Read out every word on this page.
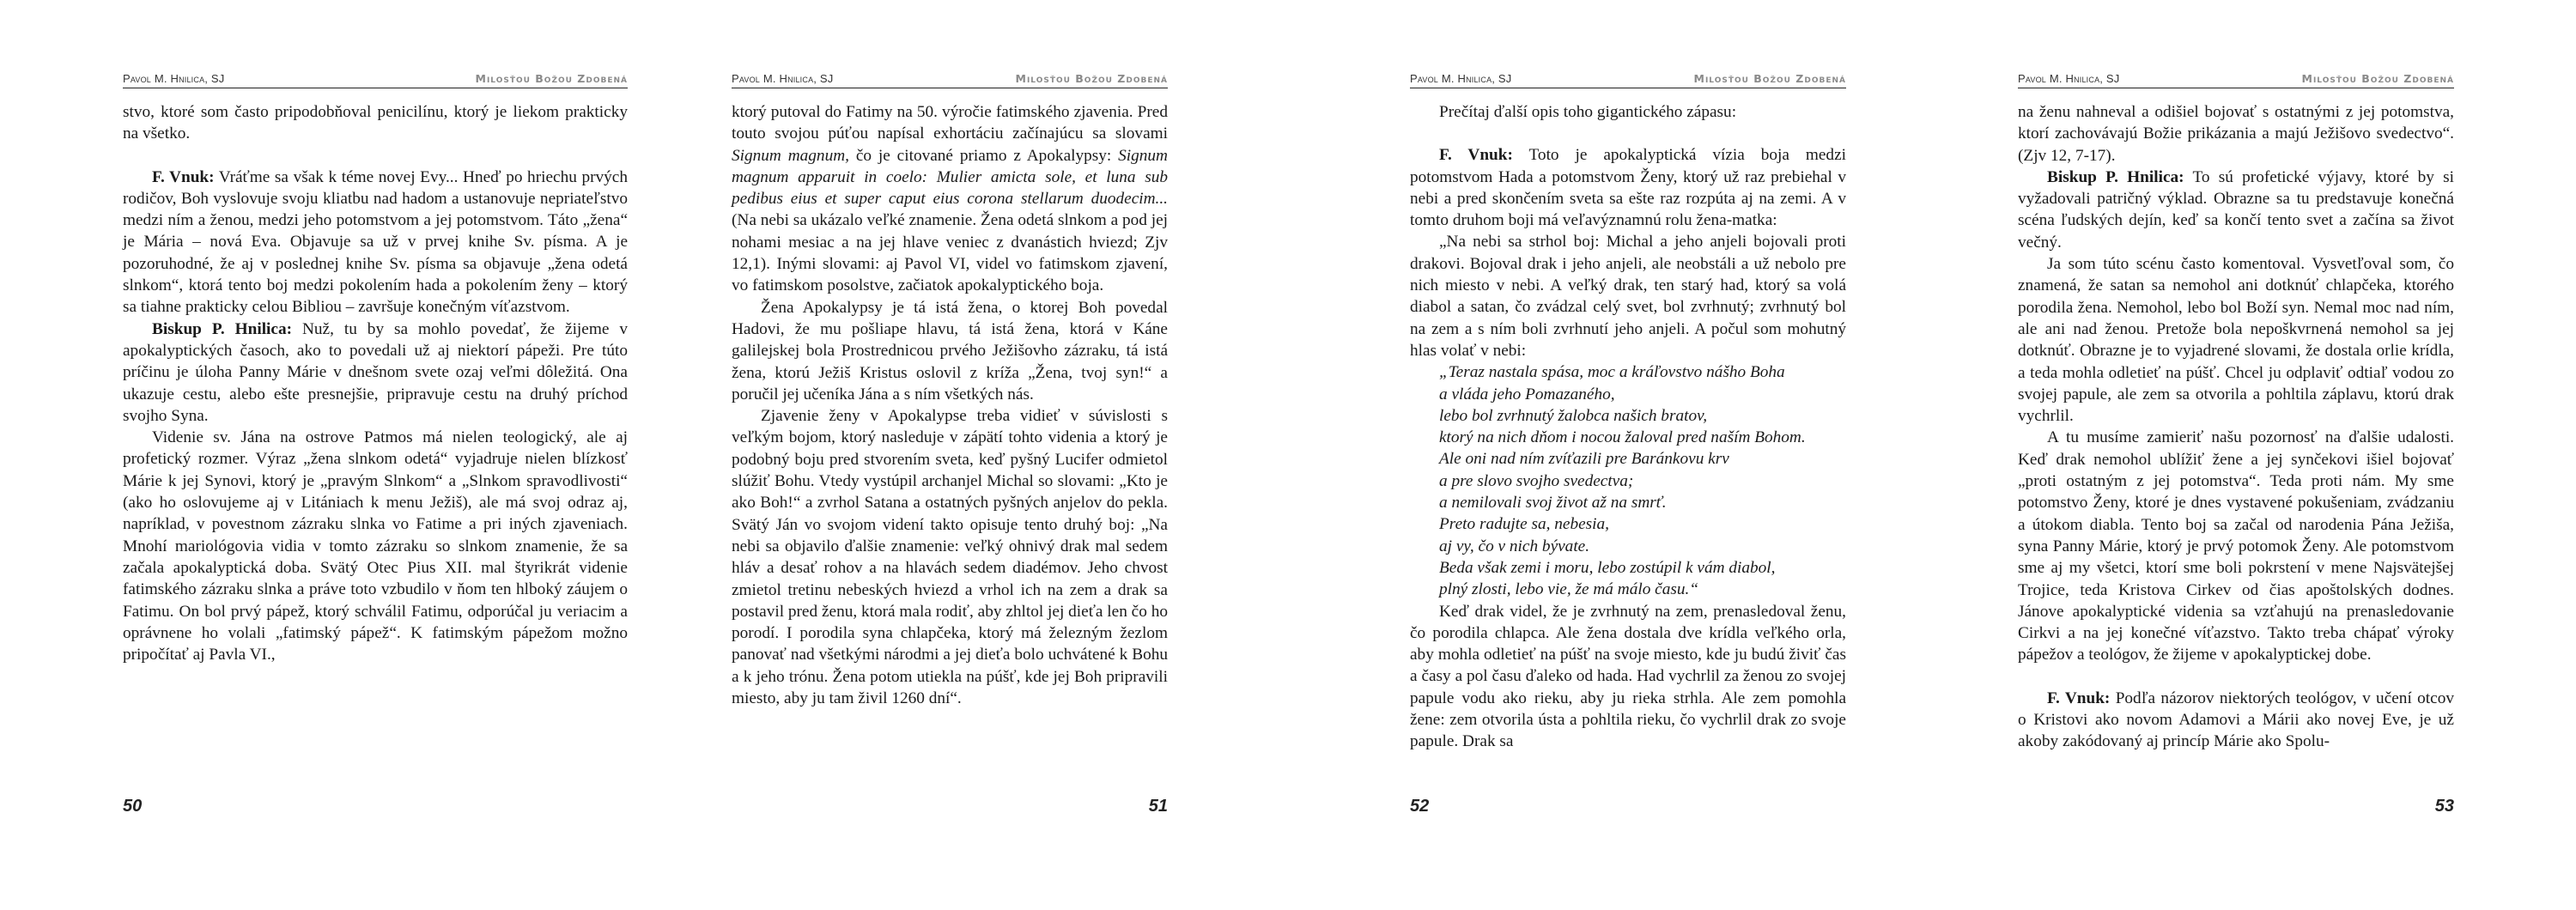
Pavol M. Hnilica, SJ	Milosťou Božou Zdobená

stvo, ktoré som často pripodobňoval penicilínu, ktorý je liekom prakticky na všetko.

F. Vnuk: Vráťme sa však k téme novej Evy... Hneď po hriechu prvých rodičov, Boh vyslovuje svoju kliatbu nad hadom a ustanovuje nepriateľstvo medzi ním a ženou, medzi jeho potomstvom a jej potomstvom. Táto „žena“ je Mária – nová Eva. Objavuje sa už v prvej knihe Sv. písma. A je pozoruhodné, že aj v poslednej knihe Sv. písma sa objavuje „žena odetá slnkom“, ktorá tento boj medzi pokolením hada a pokolením ženy – ktorý sa tiahne prakticky celou Bibliou – završuje konečným víťazstvom.

Biskup P. Hnilica: Nuž, tu by sa mohlo povedať, že žijeme v apokalyptických časoch, ako to povedali už aj niektorí pápeži. Pre túto príčinu je úloha Panny Márie v dnešnom svete ozaj veľmi dôležitá. Ona ukazuje cestu, alebo ešte presnejšie, pripravuje cestu na druhý príchod svojho Syna.

Videnie sv. Jána na ostrove Patmos má nielen teologický, ale aj profetický rozmer. Výraz „žena slnkom odetá“ vyjadruje nielen blízkosť Márie k jej Synovi, ktorý je „pravým Slnkom“ a „Slnkom spravodlivosti“ (ako ho oslovujeme aj v Litániach k menu Ježiš), ale má svoj odraz aj, napríklad, v povestnom zázraku slnka vo Fatime a pri iných zjaveniach. Mnohí mariológovia vidia v tomto zázraku so slnkom znamenie, že sa začala apokalyptická doba. Svätý Otec Pius XII. mal štyrikrát videnie fatimského zázraku slnka a práve toto vzbudilo v ňom ten hlboký záujem o Fatimu. On bol prvý pápež, ktorý schválil Fatimu, odporúčal ju veriacim a oprávnene ho volali „fatimský pápež“. K fatimským pápežom možno pripočítať aj Pavla VI.,

50
Pavol M. Hnilica, SJ	Milosťou Božou Zdobená

ktorý putoval do Fatimy na 50. výročie fatimského zjavenia. Pred touto svojou púťou napísal exhortáciu začínajúcu sa slovami Signum magnum, čo je citované priamo z Apokalypsy: Signum magnum apparuit in coelo: Mulier amicta sole, et luna sub pedibus eius et super caput eius corona stellarum duodecim... (Na nebi sa ukázalo veľké znamenie. Žena odetá slnkom a pod jej nohami mesiac a na jej hlave veniec z dvanástich hviezd; Zjv 12,1). Inými slovami: aj Pavol VI, videl vo fatimskom zjavení, vo fatimskom posolstve, začiatok apokalyptického boja.

Žena Apokalypsy je tá istá žena, o ktorej Boh povedal Hadovi, že mu pošliape hlavu, tá istá žena, ktorá v Káne galilejskej bola Prostrednicou prvého Ježišovho zázraku, tá istá žena, ktorú Ježiš Kristus oslovil z kríža „Žena, tvoj syn!“ a poručil jej učeníka Jána a s ním všetkých nás.

Zjavenie ženy v Apokalypse treba vidieť v súvislosti s veľkým bojom, ktorý nasleduje v zápätí tohto videnia a ktorý je podobný boju pred stvorením sveta, keď pyšný Lucifer odmietol slúžiť Bohu. Vtedy vystúpil archanjel Michal so slovami: „Kto je ako Boh!“ a zvrhol Satana a ostatných pyšných anjelov do pekla. Svätý Ján vo svojom videní takto opisuje tento druhý boj: „Na nebi sa objavilo ďalšie znamenie: veľký ohnivý drak mal sedem hláv a desať rohov a na hlavách sedem diadémov. Jeho chvost zmietol tretinu nebeských hviezd a vrhol ich na zem a drak sa postavil pred ženu, ktorá mala rodiť, aby zhltol jej dieťa len čo ho porodí. I porodila syna chlapčeka, ktorý má železným žezlom panovať nad všetkými národmi a jej dieťa bolo uchvátené k Bohu a k jeho trónu. Žena potom utiekla na púšť, kde jej Boh pripravili miesto, aby ju tam živil 1260 dní“.

51
Pavol M. Hnilica, SJ	Milosťou Božou Zdobená

Prečítaj ďalší opis toho gigantického zápasu:

F. Vnuk: Toto je apokalyptická vízia boja medzi potomstvom Hada a potomstvom Ženy, ktorý už raz prebiehal v nebi a pred skončením sveta sa ešte raz rozpúta aj na zemi. A v tomto druhom boji má veľavýznamnú rolu žena-matka:

„Na nebi sa strhol boj: Michal a jeho anjeli bojovali proti drakovi. Bojoval drak i jeho anjeli, ale neobstáli a už nebolo pre nich miesto v nebi. A veľký drak, ten starý had, ktorý sa volá diabol a satan, čo zvádzal celý svet, bol zvrhnutý; zvrhnutý bol na zem a s ním boli zvrhnutí jeho anjeli. A počul som mohutný hlas volať v nebi:

„Teraz nastala spása, moc a kráľovstvo nášho Boha
a vláda jeho Pomazaného,
lebo bol zvrhnutý žalobca našich bratov,
ktorý na nich dňom i nocou žaloval pred naším Bohom.
Ale oni nad ním zvíťazili pre Baránkovu krv
a pre slovo svojho svedectva;
a nemilovali svoj život až na smrť.
Preto radujte sa, nebesia,
aj vy, čo v nich bývate.
Beda však zemi i moru, lebo zostúpil k vám diabol,
plný zlosti, lebo vie, že má málo času.“

Keď drak videl, že je zvrhnutý na zem, prenasledoval ženu, čo porodila chlapca. Ale žena dostala dve krídla veľkého orla, aby mohla odletieť na púšť na svoje miesto, kde ju budú živiť čas a časy a pol času ďaleko od hada. Had vychrlil za ženou zo svojej papule vodu ako rieku, aby ju rieka strhla. Ale zem pomohla žene: zem otvorila ústa a pohltila rieku, čo vychrlil drak zo svoje papule. Drak sa

52
Pavol M. Hnilica, SJ	Milosťou Božou Zdobená

na ženu nahneval a odišiel bojovať s ostatnými z jej potomstva, ktorí zachovávajú Božie prikázania a majú Ježišovo svedectvo“. (Zjv 12, 7-17).

Biskup P. Hnilica: To sú profetické výjavy, ktoré by si vyžadovali patričný výklad. Obrazne sa tu predstavuje konečná scéna ľudských dejín, keď sa končí tento svet a začína sa život večný.

Ja som túto scénu často komentoval. Vysvetľoval som, čo znamená, že satan sa nemohol ani dotknúť chlapčeka, ktorého porodila žena. Nemohol, lebo bol Boží syn. Nemal moc nad ním, ale ani nad ženou. Pretože bola nepoškvrnená nemohol sa jej dotknúť. Obrazne je to vyjadrené slovami, že dostala orlie krídla, a teda mohla odletieť na púšť. Chcel ju odplaviť odtiaľ vodou zo svojej papule, ale zem sa otvorila a pohltila záplavu, ktorú drak vychrlil.

A tu musíme zamieriť našu pozornosť na ďalšie udalosti. Keď drak nemohol ublížiť žene a jej synčekovi išiel bojovať „proti ostatným z jej potomstva“. Teda proti nám. My sme potomstvo Ženy, ktoré je dnes vystavené pokušeniam, zvádzaniu a útokom diabla. Tento boj sa začal od narodenia Pána Ježiša, syna Panny Márie, ktorý je prvý potomok Ženy. Ale potomstvom sme aj my všetci, ktorí sme boli pokrstení v mene Najsvätejšej Trojice, teda Kristova Cirkev od čias apoštolských dodnes. Jánove apokalyptické videnia sa vzťahujú na prenasledovanie Cirkvi a na jej konečné víťazstvo. Takto treba chápať výroky pápežov a teológov, že žijeme v apokalyptickej dobe.

F. Vnuk: Podľa názorov niektorých teológov, v učení otcov o Kristovi ako novom Adamovi a Márii ako novej Eve, je už akoby zakódovaný aj princíp Márie ako Spolu-

53
